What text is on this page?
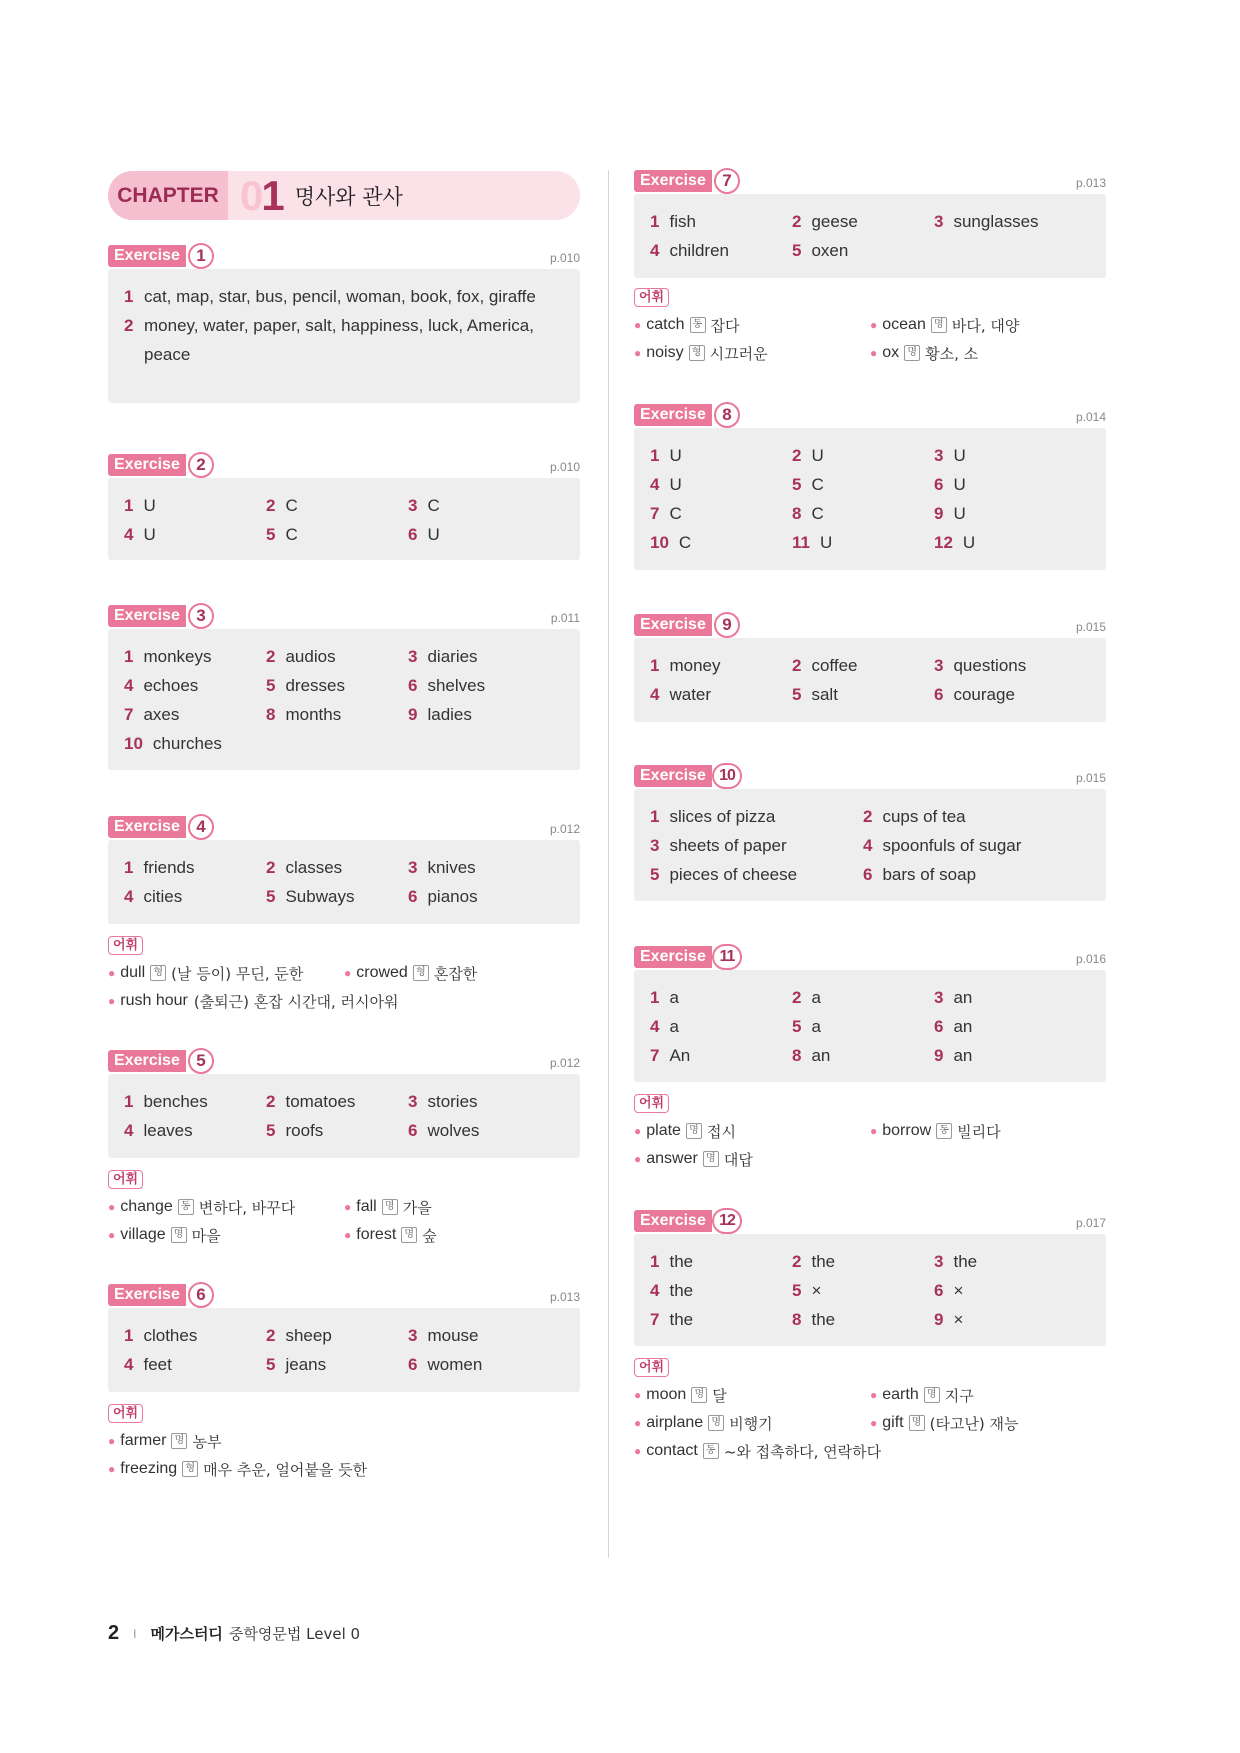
CHAPTER 01 명사와 관사
Exercise 1	p.010
1 cat, map, star, bus, pencil, woman, book, fox, giraffe
2 money, water, paper, salt, happiness, luck, America, peace
Exercise 2	p.010
1 U	2 C	3 C
4 U	5 C	6 U
Exercise 3	p.011
1 monkeys	2 audios	3 diaries
4 echoes	5 dresses	6 shelves
7 axes	8 months	9 ladies
10 churches
Exercise 4	p.012
1 friends	2 classes	3 knives
4 cities	5 Subways	6 pianos
어휘
● dull 형 (날 등이) 무딘, 둔한	● crowed 형 혼잡한
● rush hour (출퇴근) 혼잡 시간대, 러시아워
Exercise 5	p.012
1 benches	2 tomatoes	3 stories
4 leaves	5 roofs	6 wolves
어휘
● change 동 변하다, 바꾸다	● fall 명 가을
● village 명 마을	● forest 명 숲
Exercise 6	p.013
1 clothes	2 sheep	3 mouse
4 feet	5 jeans	6 women
어휘
● farmer 명 농부
● freezing 형 매우 추운, 얼어붙을 듯한
Exercise 7	p.013
1 fish	2 geese	3 sunglasses
4 children	5 oxen
어휘
● catch 동 잡다	● ocean 명 바다, 대양
● noisy 형 시끄러운	● ox 명 황소, 소
Exercise 8	p.014
1 U	2 U	3 U
4 U	5 C	6 U
7 C	8 C	9 U
10 C	11 U	12 U
Exercise 9	p.015
1 money	2 coffee	3 questions
4 water	5 salt	6 courage
Exercise 10	p.015
1 slices of pizza	2 cups of tea
3 sheets of paper	4 spoonfuls of sugar
5 pieces of cheese	6 bars of soap
Exercise 11	p.016
1 a	2 a	3 an
4 a	5 a	6 an
7 An	8 an	9 an
어휘
● plate 명 접시	● borrow 동 빌리다
● answer 명 대답
Exercise 12	p.017
1 the	2 the	3 the
4 the	5 ×	6 ×
7 the	8 the	9 ×
어휘
● moon 명 달	● earth 명 지구
● airplane 명 비행기	● gift 명 (타고난) 재능
● contact 동 ~와 접촉하다, 연락하다
2 I 메가스터디 중학영문법 Level 0
